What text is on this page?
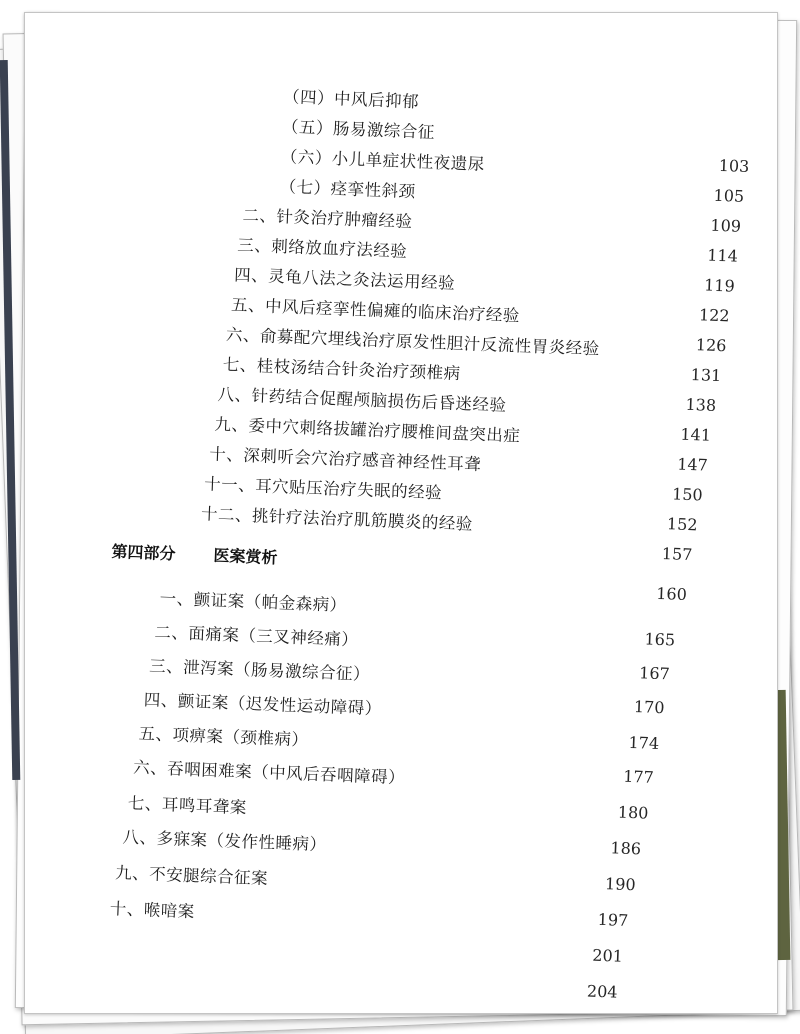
（四）中风后抑郁
（五）肠易激综合征
103
（六）小儿单症状性夜遗尿
105
（七）痉挛性斜颈
109
二、针灸治疗肿瘤经验
114
三、刺络放血疗法经验
119
四、灵龟八法之灸法运用经验
122
五、中风后痉挛性偏瘫的临床治疗经验
126
六、俞募配穴埋线治疗原发性胆汁反流性胃炎经验
131
七、桂枝汤结合针灸治疗颈椎病
138
八、针药结合促醒颅脑损伤后昏迷经验
141
九、委中穴刺络拔罐治疗腰椎间盘突出症
147
十、深刺听会穴治疗感音神经性耳聋
150
十一、耳穴贴压治疗失眠的经验
152
十二、挑针疗法治疗肌筋膜炎的经验
157
第四部分 医案赏析
160
一、颤证案（帕金森病）
165
二、面痛案（三叉神经痛）
167
三、泄泻案（肠易激综合征）
170
四、颤证案（迟发性运动障碍）
174
五、项痹案（颈椎病）
177
六、吞咽困难案（中风后吞咽障碍）
180
七、耳鸣耳聋案
186
八、多寐案（发作性睡病）
190
九、不安腿综合征案
197
十、喉喑案
201
204
